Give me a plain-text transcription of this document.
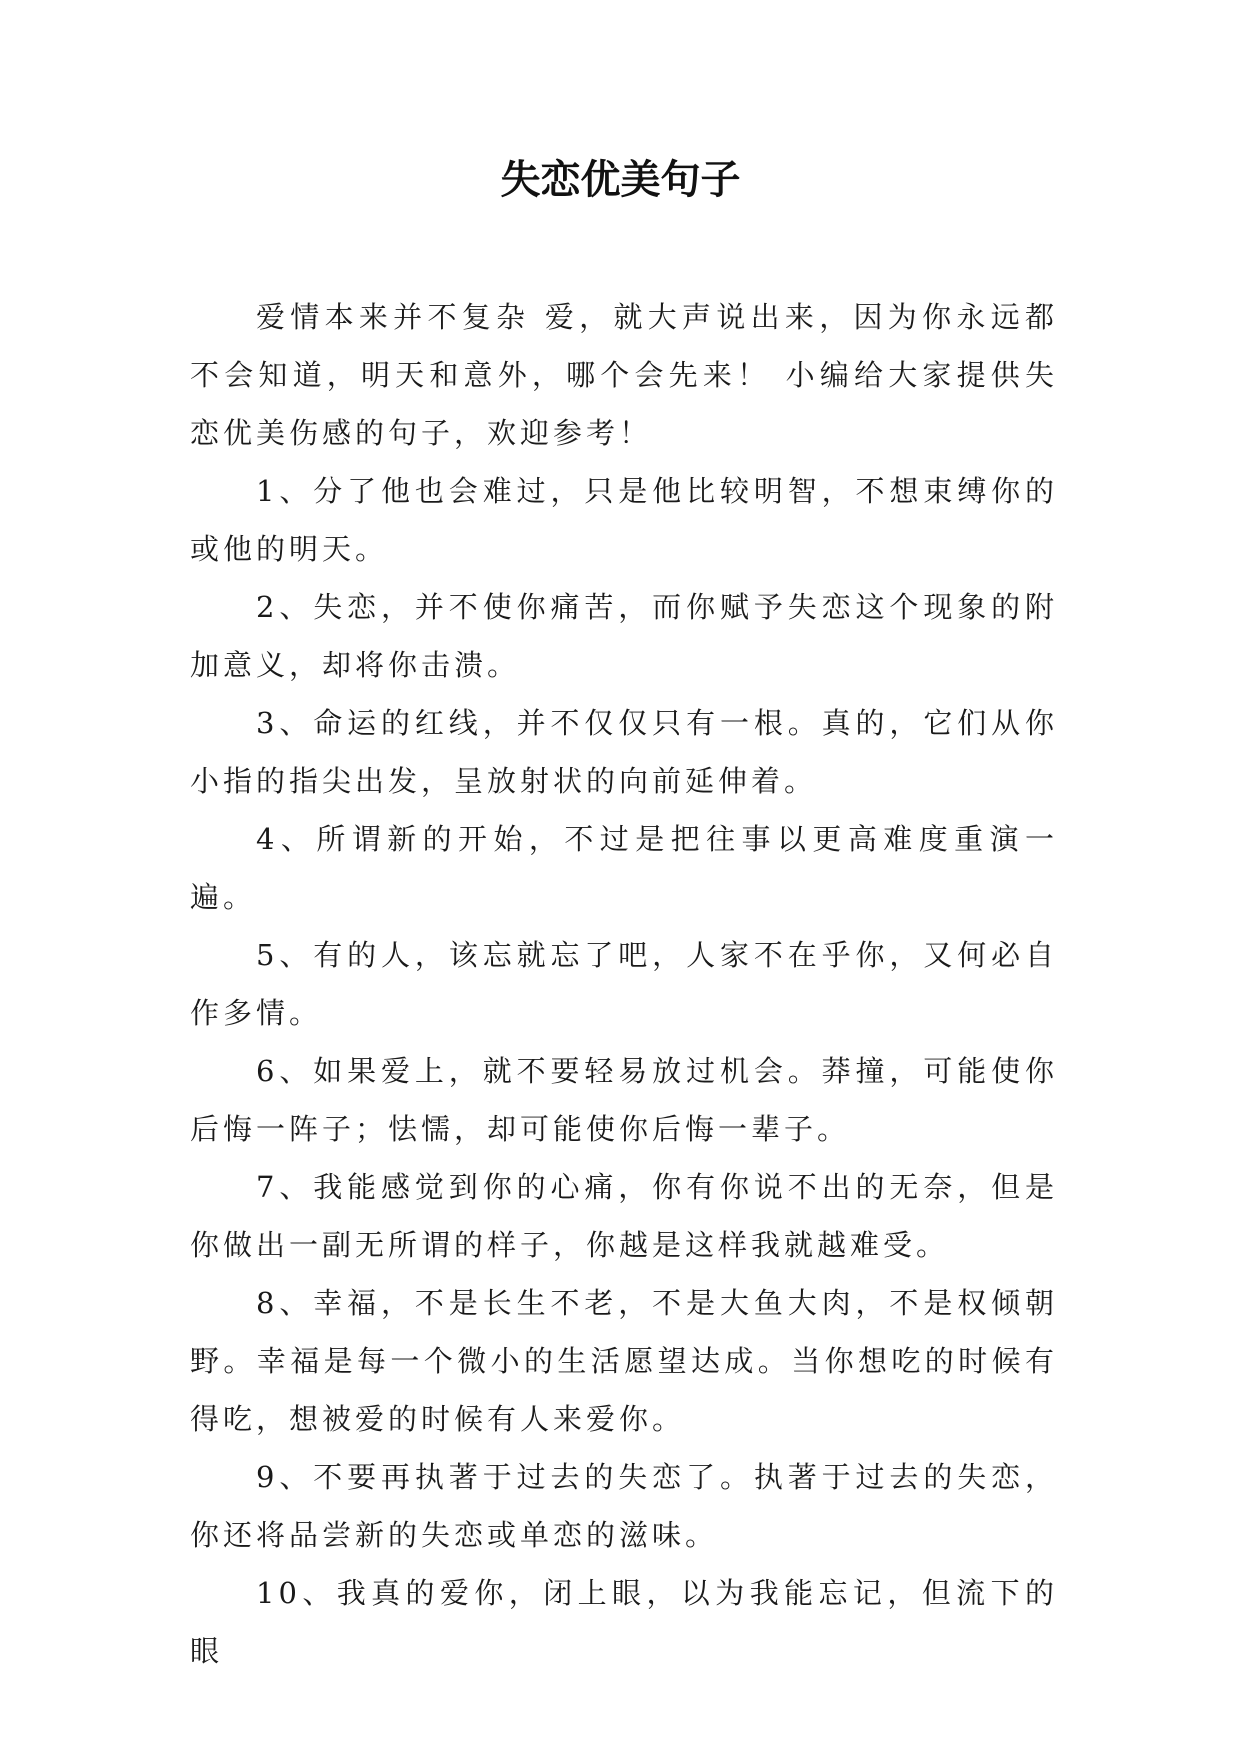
失恋优美句子

爱情本来并不复杂 爱，就大声说出来，因为你永远都不会知道，明天和意外，哪个会先来！ 小编给大家提供失恋优美伤感的句子，欢迎参考！

1、分了他也会难过，只是他比较明智，不想束缚你的或他的明天。

2、失恋，并不使你痛苦，而你赋予失恋这个现象的附加意义，却将你击溃。

3、命运的红线，并不仅仅只有一根。真的，它们从你小指的指尖出发，呈放射状的向前延伸着。

4、所谓新的开始，不过是把往事以更高难度重演一遍。

5、有的人，该忘就忘了吧，人家不在乎你，又何必自作多情。

6、如果爱上，就不要轻易放过机会。莽撞，可能使你后悔一阵子；怯懦，却可能使你后悔一辈子。

7、我能感觉到你的心痛，你有你说不出的无奈，但是你做出一副无所谓的样子，你越是这样我就越难受。

8、幸福，不是长生不老，不是大鱼大肉，不是权倾朝野。幸福是每一个微小的生活愿望达成。当你想吃的时候有得吃，想被爱的时候有人来爱你。

9、不要再执著于过去的失恋了。执著于过去的失恋，你还将品尝新的失恋或单恋的滋味。

10、我真的爱你，闭上眼，以为我能忘记，但流下的眼
